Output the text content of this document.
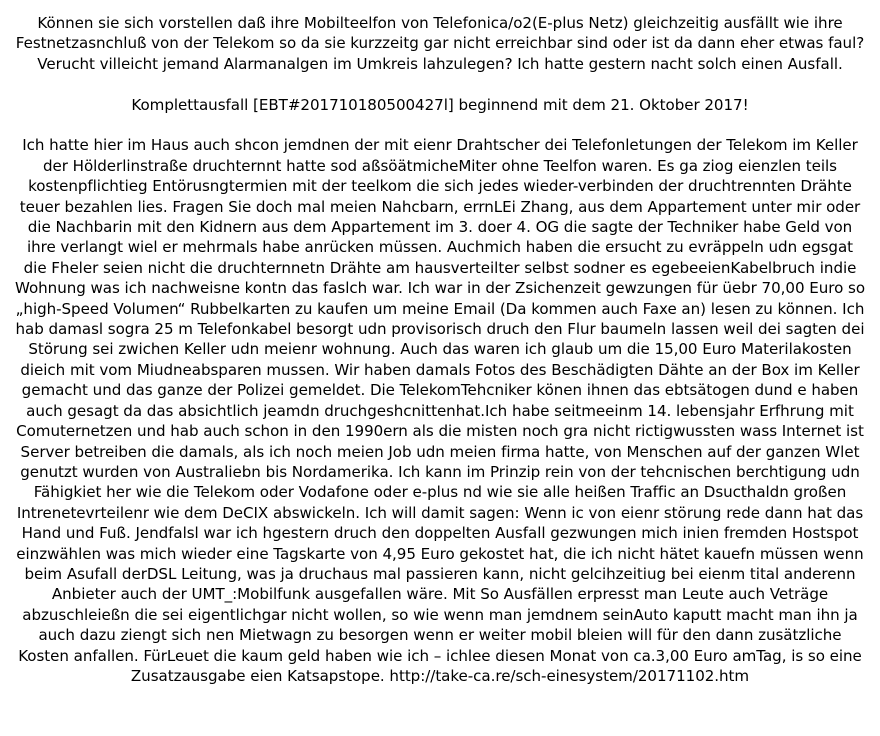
Können sie sich vorstellen daß ihre Mobilteelfon von Telefonica/o2(E-plus Netz) gleichzeitig ausfällt wie ihre
Festnetzasnchluß von der Telekom so da sie kurzzeitg gar nicht erreichbar sind oder ist da dann eher etwas faul?
Verucht villeicht jemand Alarmanalgen im Umkreis lahzulegen? Ich hatte gestern nacht solch einen Ausfall.
Komplettausfall [EBT#201710180500427l] beginnend mit dem 21. Oktober 2017!
Ich hatte hier im Haus auch shcon jemdnen der mit eienr Drahtscher dei Telefonletungen der Telekom im Keller
der Hölderlinstraße druchternnt hatte sod aßsöätmicheMiter ohne Teelfon waren. Es ga ziog eienzlen teils
kostenpflichtieg Entörusngtermien mit der teelkom die sich jedes wieder-verbinden der druchtrennten Drähte
teuer bezahlen lies. Fragen Sie doch mal meien Nahcbarn, errnLEi Zhang, aus dem Appartement unter mir oder
die Nachbarin mit den Kidnern aus dem Appartement im 3. doer 4. OG die sagte der Techniker habe Geld von
ihre verlangt wiel er mehrmals habe anrücken müssen. Auchmich haben die ersucht zu evräppeln udn egsgat
die Fheler seien nicht die druchternnetn Drähte am hausverteilter selbst sodner es egebeeienKabelbruch indie
Wohnung was ich nachweisne kontn das faslch war. Ich war in der Zsichenzeit gewzungen für üebr 70,00 Euro so
„high-Speed Volumen“ Rubbelkarten zu kaufen um meine Email (Da kommen auch Faxe an) lesen zu können. Ich
hab damasl sogra 25 m Telefonkabel besorgt udn provisorisch druch den Flur baumeln lassen weil dei sagten dei
Störung sei zwichen Keller udn meienr wohnung. Auch das waren ich glaub um die 15,00 Euro Materilakosten
dieich mit vom Miudneabsparen mussen. Wir haben damals Fotos des Beschädigten Dähte an der Box im Keller
gemacht und das ganze der Polizei gemeldet. Die TelekomTehcniker könen ihnen das ebtsätogen dund e haben
auch gesagt da das absichtlich jeamdn druchgeshcnittenhat.Ich habe seitmeeinm 14. lebensjahr Erfhrung mit
Comuternetzen und hab auch schon in den 1990ern als die misten noch gra nicht rictigwussten wass Internet ist
Server betreiben die damals, als ich noch meien Job udn meien firma hatte, von Menschen auf der ganzen Wlet
genutzt wurden von Australiebn bis Nordamerika. Ich kann im Prinzip rein von der tehcnischen berchtigung udn
Fähigkiet her wie die Telekom oder Vodafone oder e-plus nd wie sie alle heißen Traffic an Dsucthaldn großen
Intrenetevrteilenr wie dem DeCIX abswickeln. Ich will damit sagen: Wenn ic von eienr störung rede dann hat das
Hand und Fuß. Jendfalsl war ich hgestern druch den doppelten Ausfall gezwungen mich inien fremden Hostspot
einzwählen was mich wieder eine Tagskarte von 4,95 Euro gekostet hat, die ich nicht hätet kauefn müssen wenn
beim Asufall derDSL Leitung, was ja druchaus mal passieren kann, nicht gelcihzeitiug bei eienm tital anderenn
Anbieter auch der UMT_:Mobilfunk ausgefallen wäre. Mit So Ausfällen erpresst man Leute auch Veträge
abzuschleießn die sei eigentlichgar nicht wollen, so wie wenn man jemdnem seinAuto kaputt macht man ihn ja
auch dazu ziengt sich nen Mietwagn zu besorgen wenn er weiter mobil bleien will für den dann zusätzliche
Kosten anfallen. FürLeuet die kaum geld haben wie ich – ichlee diesen Monat von ca.3,00 Euro amTag, is so eine
Zusatzausgabe eien Katsapstope. http://take-ca.re/sch-einesystem/20171102.htm
